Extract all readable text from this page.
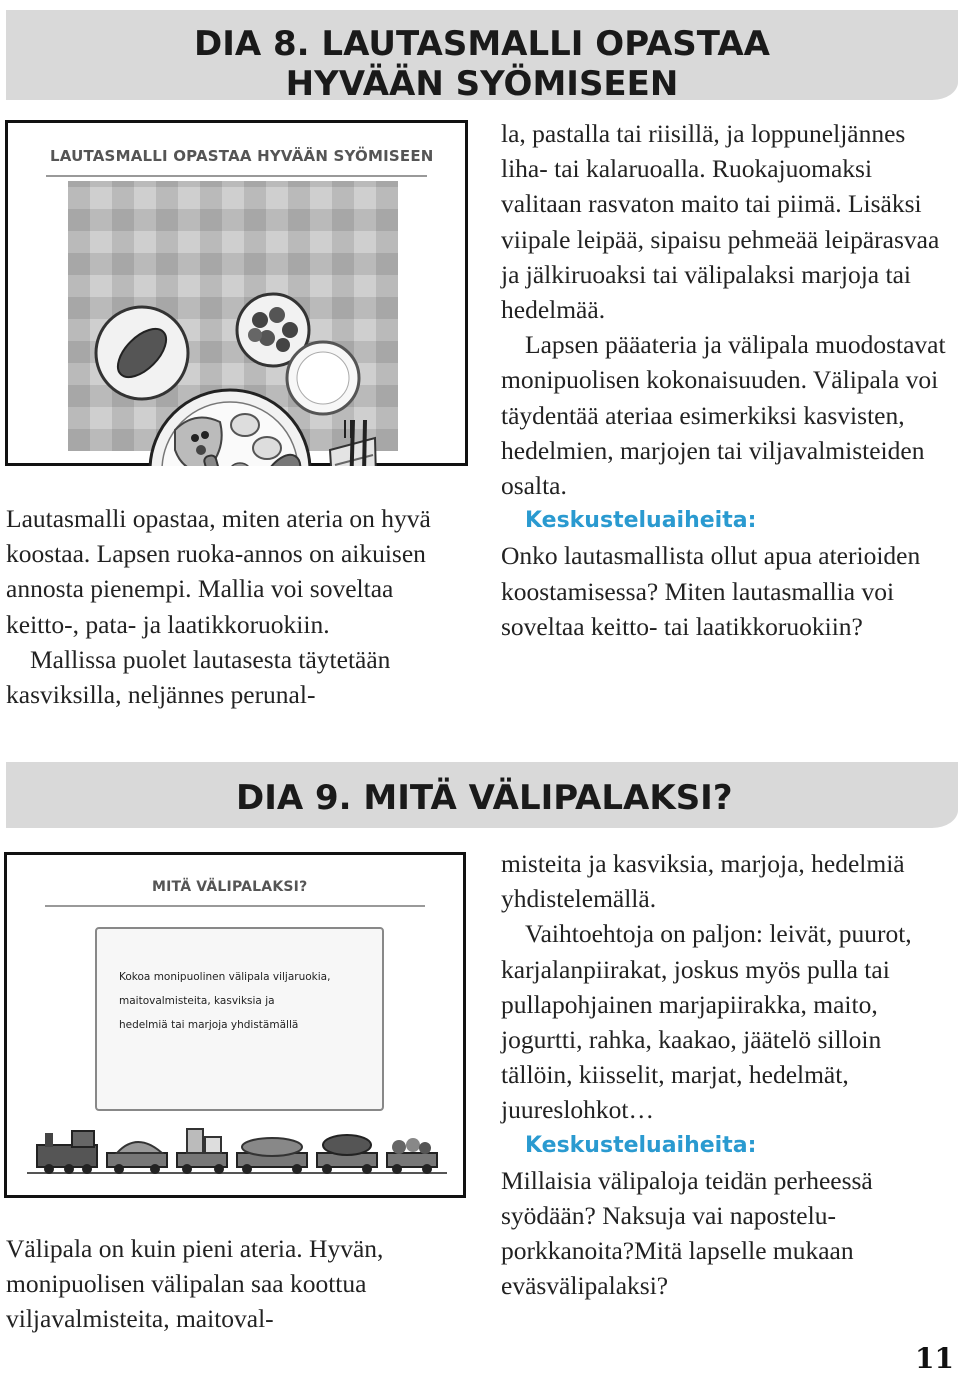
DIA 8. LAUTASMALLI OPASTAA
HYVÄÄN SYÖMISEEN
LAUTASMALLI OPASTAA HYVÄÄN SYÖMISEEN

Lautasmalli opastaa, miten ateria on hyvä koostaa. Lapsen ruoka-annos on aikuisen annosta pienempi. Mallia voi soveltaa keitto-, pata- ja laatikkoruokiin.

Mallissa puolet lautasesta täytetään kasviksilla, neljännes perunal-

la, pastalla tai riisillä, ja loppuneljännes liha- tai kalaruoalla. Ruokajuomaksi valitaan rasvaton maito tai piimä. Lisäksi viipale leipää, sipaisu pehmeää leipärasvaa ja jälkiruoaksi tai välipalaksi marjoja tai hedelmää.

Lapsen pääateria ja välipala muodostavat monipuolisen kokonaisuuden. Välipala voi täydentää ateriaa esimerkiksi kasvisten, hedelmien, marjojen tai viljavalmisteiden osalta.

Keskusteluaiheita:

Onko lautasmallista ollut apua aterioiden koostamisessa? Miten lautasmallia voi soveltaa keitto- tai laatikkoruokiin?

DIA 9. MITÄ VÄLIPALAKSI?
MITÄ VÄLIPALAKSI?
Kokoa monipuolinen välipala viljaruokia,
maitovalmisteita, kasviksia ja
hedelmiä tai marjoja yhdistämällä

Välipala on kuin pieni ateria. Hyvän, monipuolisen välipalan saa koottua viljavalmisteita, maitoval-

misteita ja kasviksia, marjoja, hedelmiä yhdistelemällä.

Vaihtoehtoja on paljon: leivät, puurot, karjalanpiirakat, joskus myös pulla tai pullapohjainen marjapiirakka, maito, jogurtti, rahka, kaakao, jäätelö silloin tällöin, kiisselit, marjat, hedelmät, juureslohkot…

Keskusteluaiheita:

Millaisia välipaloja teidän perheessä syödään? Naksuja vai naposteluporkkanoita?Mitä lapselle mukaan eväsvälipalaksi?

11
